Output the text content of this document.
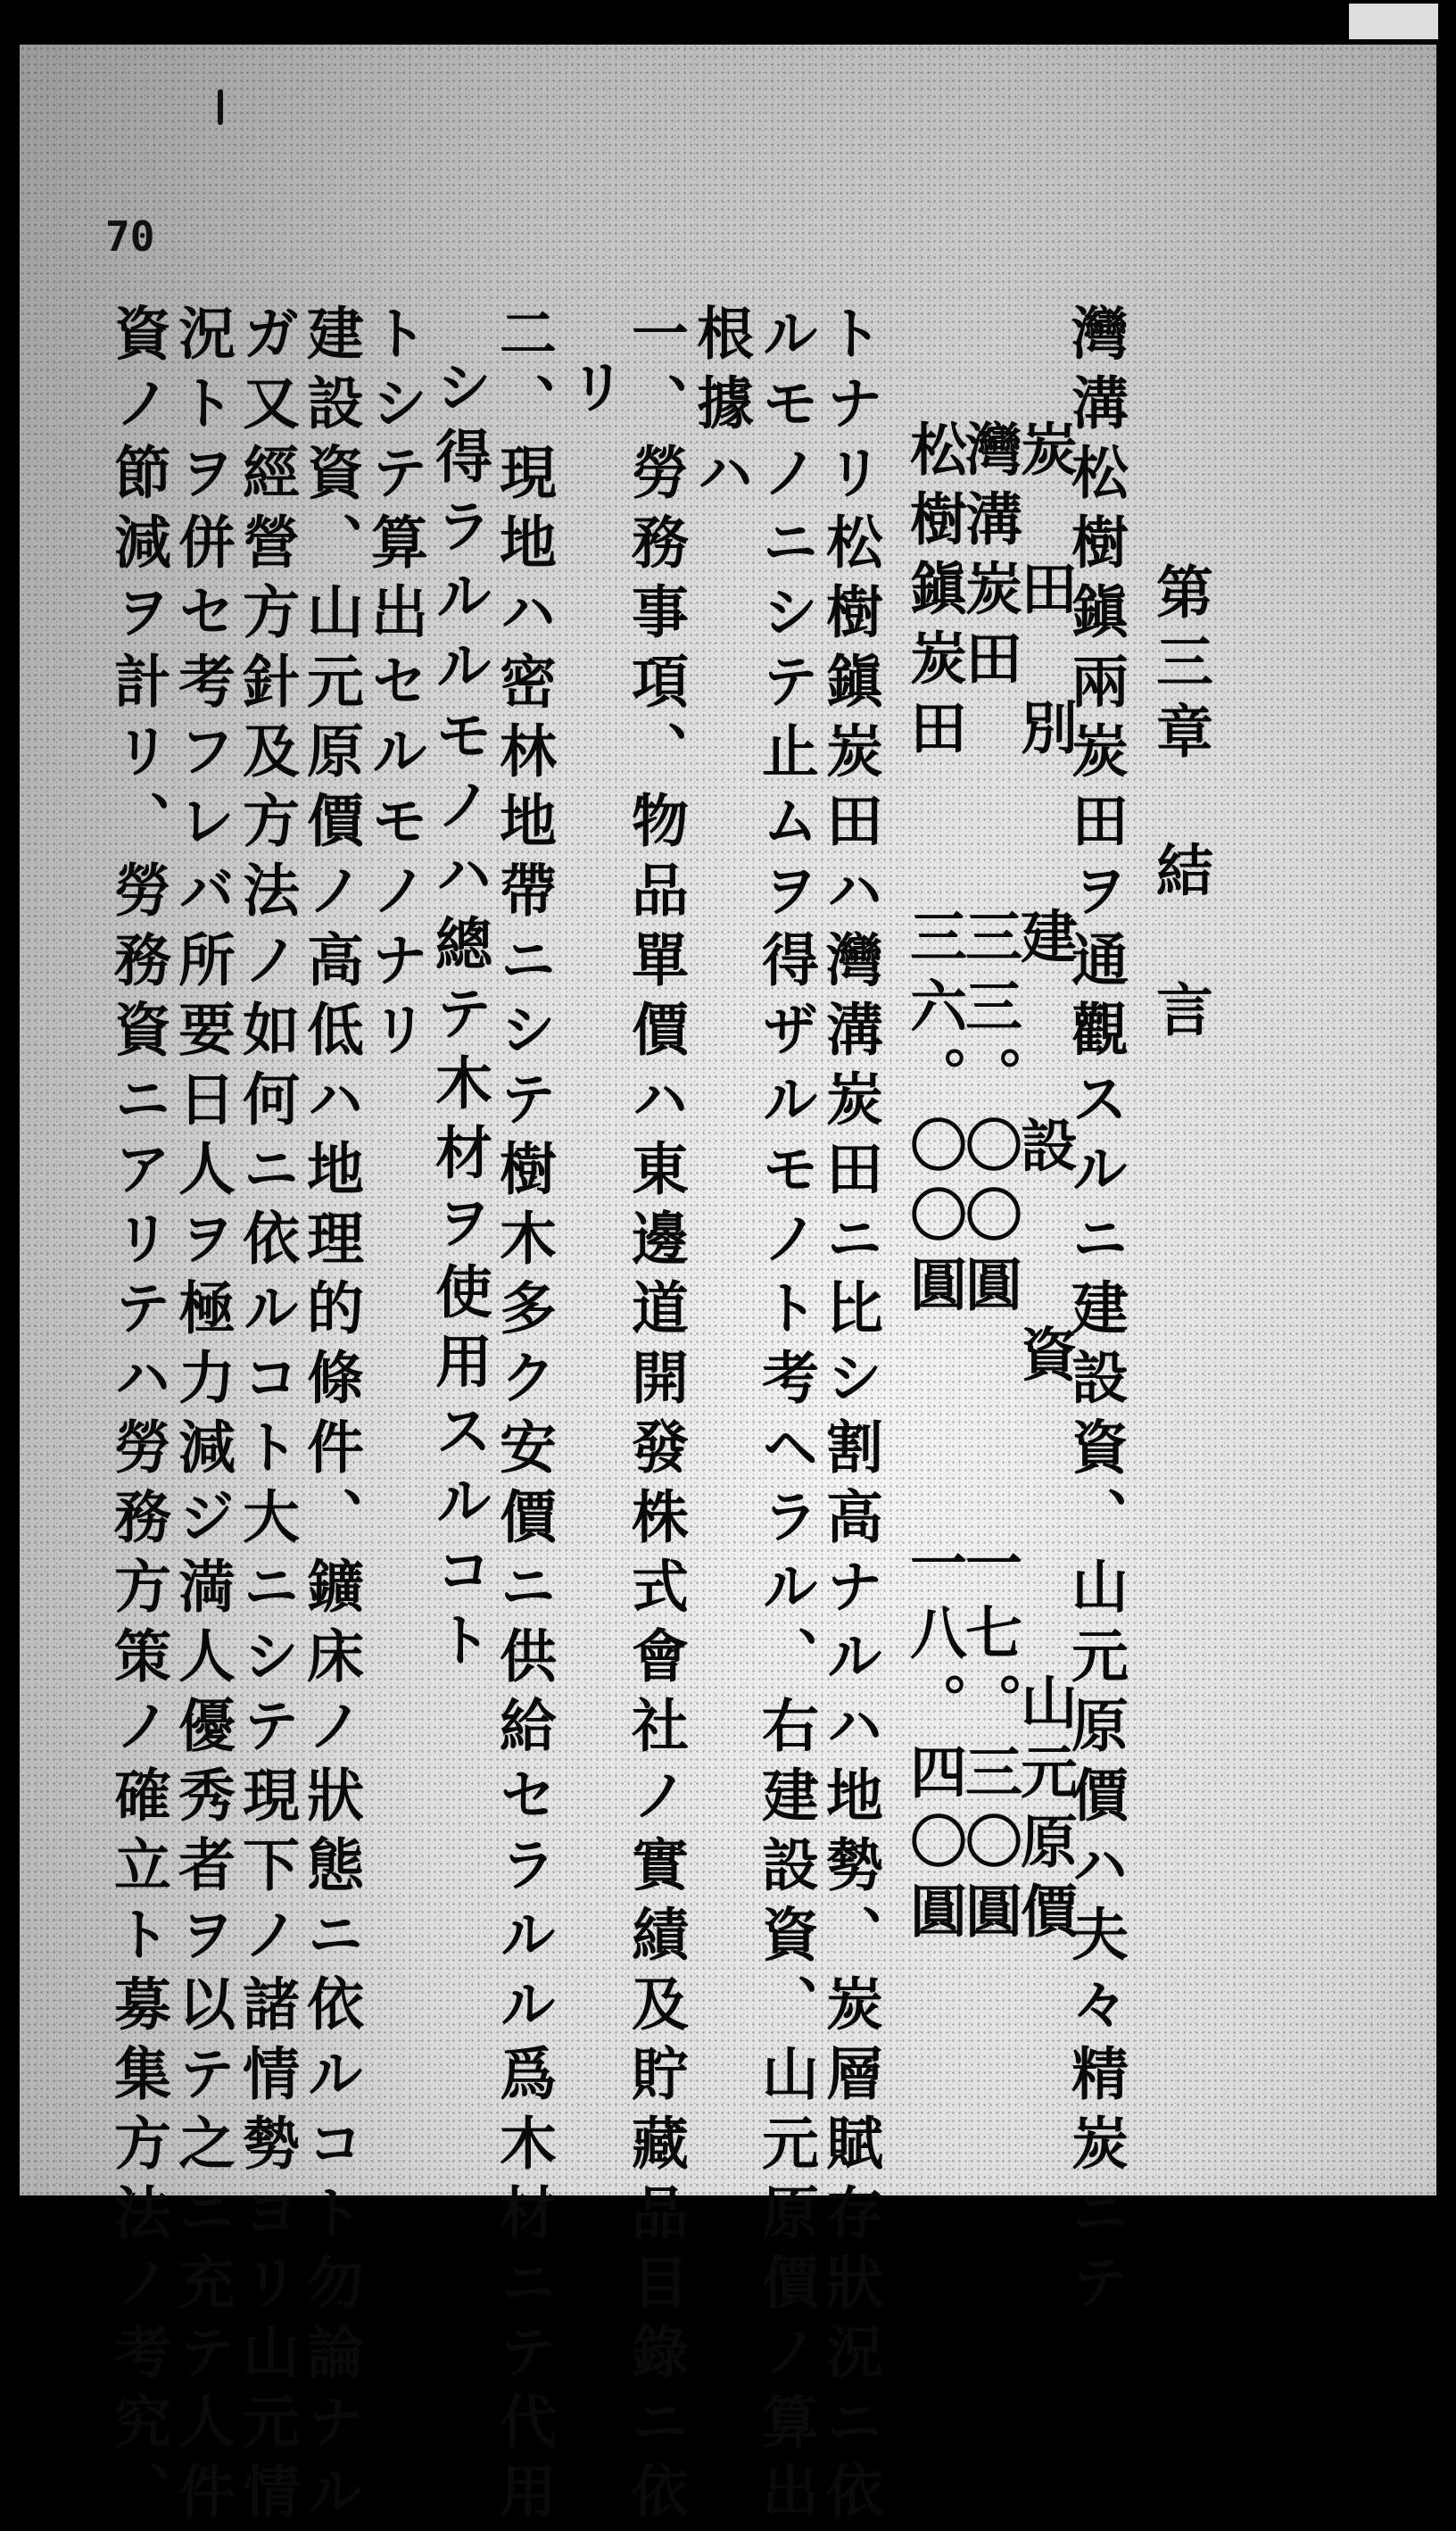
70
第三章　結　言
灣溝松樹鎭兩炭田ヲ通觀スルニ建設資、山元原價ハ夫々精炭ニテ
炭　田　別　　建　　設　　資　　　　山元原價
灣溝炭田　　　三三。〇〇圓　　　一七。三〇圓
松樹鎭炭田　　三六。〇〇圓　　　一八。四〇圓
トナリ松樹鎭炭田ハ灣溝炭田ニ比シ割高ナルハ地勢、炭層賦存狀況ニ依
ルモノニシテ止ムヲ得ザルモノト考ヘラル、右建設資、山元原價ノ算出
根據ハ
一、勞務事項、物品單價ハ東邊道開發株式會社ノ實績及貯藏品目錄ニ依
リ
二、現地ハ密林地帶ニシテ樹木多ク安價ニ供給セラルル爲木材ニテ代用
シ得ラルルモノハ總テ木材ヲ使用スルコト
トシテ算出セルモノナリ
建設資、山元原價ノ高低ハ地理的條件、鑛床ノ狀態ニ依ルコト勿論ナル
ガ又經營方針及方法ノ如何ニ依ルコト大ニシテ現下ノ諸情勢ヨリ山元情
況トヲ併セ考フレバ所要日人ヲ極力減ジ満人優秀者ヲ以テ之ニ充テ人件
資ノ節減ヲ計リ、勞務資ニアリテハ勞務方策ノ確立ト募集方法ノ考究、
